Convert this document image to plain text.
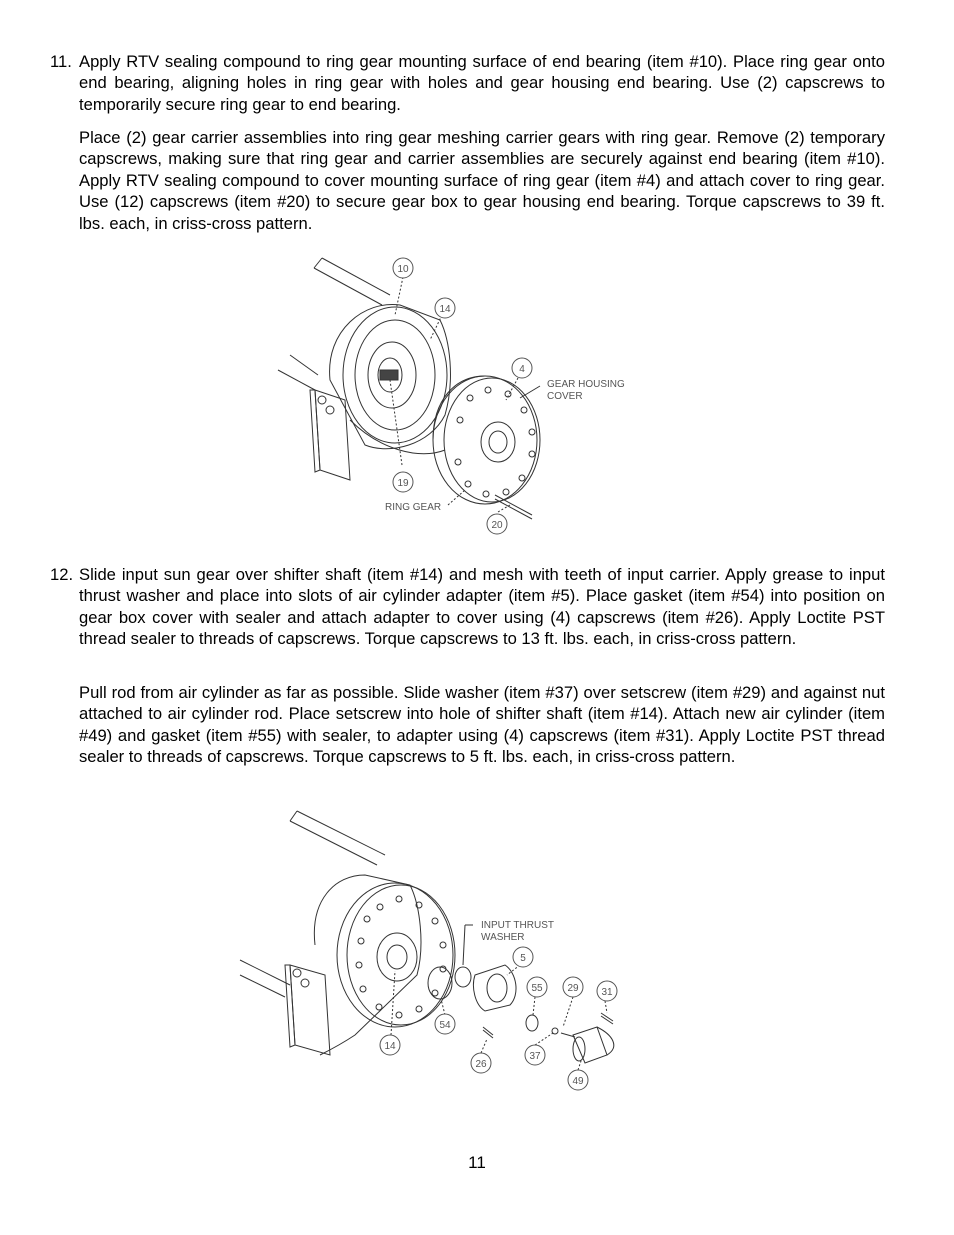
11. Apply RTV sealing compound to ring gear mounting surface of end bearing (item #10). Place ring gear onto end bearing, aligning holes in ring gear with holes and gear housing end bearing. Use (2) capscrews to temporarily secure ring gear to end bearing.
Place (2) gear carrier assemblies into ring gear meshing carrier gears with ring gear. Remove (2) temporary capscrews, making sure that ring gear and carrier assemblies are securely against end bearing (item #10). Apply RTV sealing compound to cover mounting surface of ring gear (item #4) and attach cover to ring gear. Use (12) capscrews (item #20) to secure gear box to gear housing end bearing. Torque capscrews to 39 ft. lbs. each, in criss-cross pattern.
10
14
4
19
20
GEAR HOUSING
COVER
RING GEAR
12. Slide input sun gear over shifter shaft (item #14) and mesh with teeth of input carrier. Apply grease to input thrust washer and place into slots of air cylinder adapter (item #5). Place gasket (item #54) into position on gear box cover with sealer and attach adapter to cover using (4) capscrews (item #26). Apply Loctite PST thread sealer to threads of capscrews. Torque capscrews to 13 ft. lbs. each, in criss-cross pattern.
Pull rod from air cylinder as far as possible. Slide washer (item #37) over setscrew (item #29) and against nut attached to air cylinder rod. Place setscrew into hole of shifter shaft (item #14). Attach new air cylinder (item #49) and gasket (item #55) with sealer, to adapter using (4) capscrews (item #31). Apply Loctite PST thread sealer to threads of capscrews. Torque capscrews to 5 ft. lbs. each, in criss-cross pattern.
5
55 29 31
54
37
26
49
14
INPUT THRUST
WASHER
11
